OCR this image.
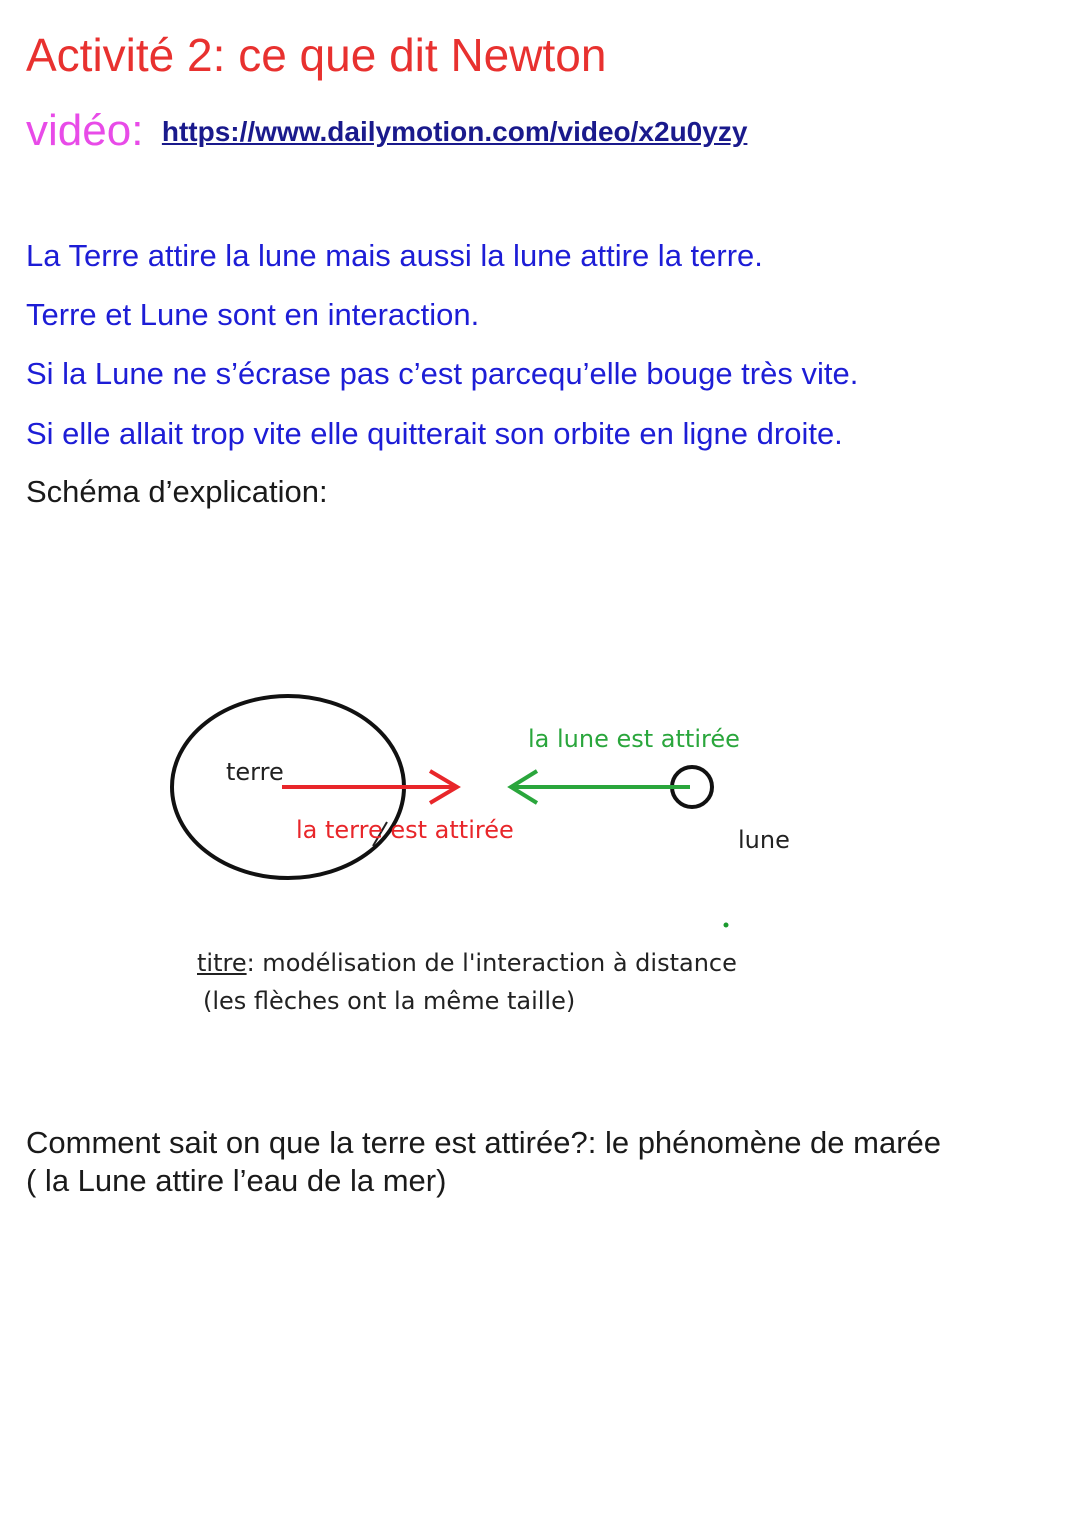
Activité 2: ce que dit Newton
vidéo: https://www.dailymotion.com/video/x2u0yzy
La Terre attire la lune mais aussi la lune attire la terre.
Terre et Lune sont en interaction.
Si la Lune ne s’écrase pas c’est parcequ’elle bouge très vite.
Si elle allait trop vite elle quitterait son orbite en ligne droite.
Schéma d’explication:
terre
la lune est attirée
la terre est attirée	lune
titre: modélisation de l'interaction à distance
(les flèches ont la même taille)
Comment sait on que la terre est attirée?: le phénomène de marée
( la Lune attire l’eau de la mer)
